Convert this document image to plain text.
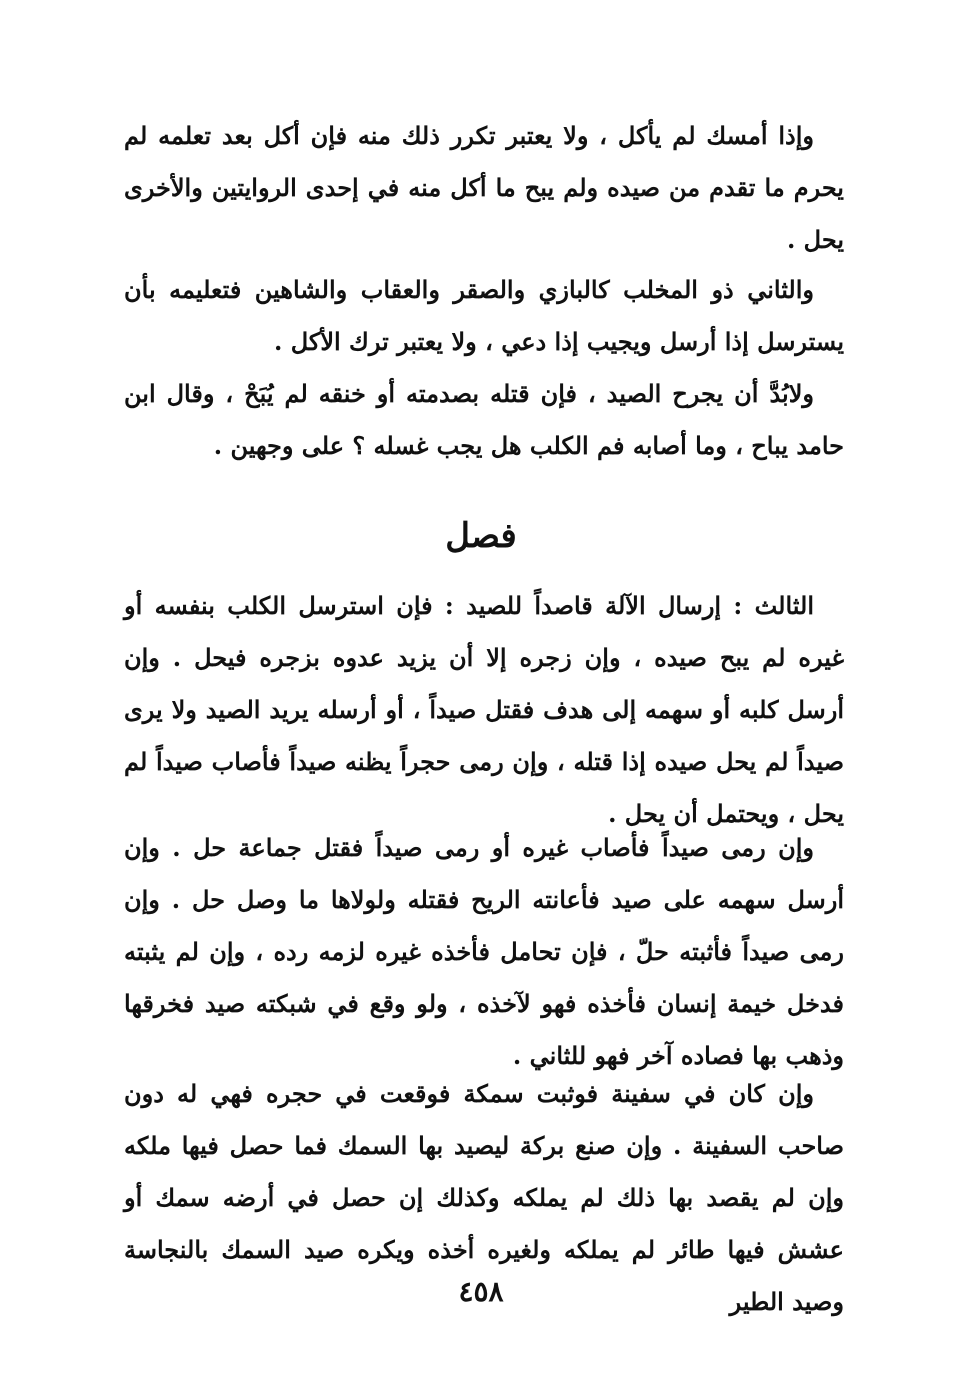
وإذا أمسك لم يأكل ، ولا يعتبر تكرر ذلك منه فإن أكل بعد تعلمه لم يحرم ما تقدم من صيده ولم يبح ما أكل منه في إحدى الروايتين والأخرى يحل .

والثاني ذو المخلب كالبازي والصقر والعقاب والشاهين فتعليمه بأن يسترسل إذا أرسل ويجيب إذا دعي ، ولا يعتبر ترك الأكل .

ولابُدَّ أن يجرح الصيد ، فإن قتله بصدمته أو خنقه لم يُبَحْ ، وقال ابن حامد يباح ، وما أصابه فم الكلب هل يجب غسله ؟ على وجهين .

فصل

الثالث : إرسال الآلة قاصداً للصيد : فإن استرسل الكلب بنفسه أو غيره لم يبح صيده ، وإن زجره إلا أن يزيد عدوه بزجره فيحل . وإن أرسل كلبه أو سهمه إلى هدف فقتل صيداً ، أو أرسله يريد الصيد ولا يرى صيداً لم يحل صيده إذا قتله ، وإن رمى حجراً يظنه صيداً فأصاب صيداً لم يحل ، ويحتمل أن يحل .

وإن رمى صيداً فأصاب غيره أو رمى صيداً فقتل جماعة حل . وإن أرسل سهمه على صيد فأعانته الريح فقتله ولولاها ما وصل حل . وإن رمى صيداً فأثبته حلّ ، فإن تحامل فأخذه غيره لزمه رده ، وإن لم يثبته فدخل خيمة إنسان فأخذه فهو لآخذه ، ولو وقع في شبكته صيد فخرقها وذهب بها فصاده آخر فهو للثاني .

وإن كان في سفينة فوثبت سمكة فوقعت في حجره فهي له دون صاحب السفينة . وإن صنع بركة ليصيد بها السمك فما حصل فيها ملكه وإن لم يقصد بها ذلك لم يملكه وكذلك إن حصل في أرضه سمك أو عشش فيها طائر لم يملكه ولغيره أخذه ويكره صيد السمك بالنجاسة وصيد الطير

٤٥٨
